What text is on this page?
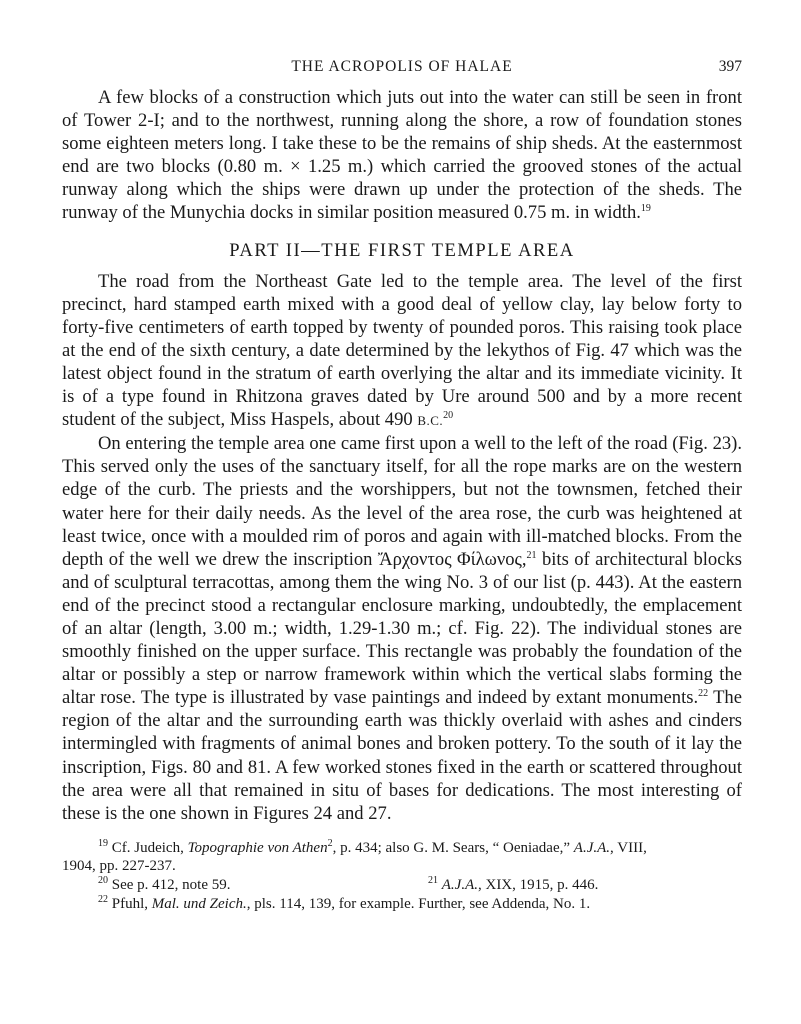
THE ACROPOLIS OF HALAE	397

A few blocks of a construction which juts out into the water can still be seen in front of Tower 2-I; and to the northwest, running along the shore, a row of foundation stones some eighteen meters long. I take these to be the remains of ship sheds. At the easternmost end are two blocks (0.80 m. × 1.25 m.) which carried the grooved stones of the actual runway along which the ships were drawn up under the protection of the sheds. The runway of the Munychia docks in similar position measured 0.75 m. in width.$^{19}$

PART II—THE FIRST TEMPLE AREA

The road from the Northeast Gate led to the temple area. The level of the first precinct, hard stamped earth mixed with a good deal of yellow clay, lay below forty to forty-five centimeters of earth topped by twenty of pounded poros. This raising took place at the end of the sixth century, a date determined by the lekythos of Fig. 47 which was the latest object found in the stratum of earth overlying the altar and its immediate vicinity. It is of a type found in Rhitzona graves dated by Ure around 500 and by a more recent student of the subject, Miss Haspels, about 490 B.C.$^{20}$

On entering the temple area one came first upon a well to the left of the road (Fig. 23). This served only the uses of the sanctuary itself, for all the rope marks are on the western edge of the curb. The priests and the worshippers, but not the townsmen, fetched their water here for their daily needs. As the level of the area rose, the curb was heightened at least twice, once with a moulded rim of poros and again with ill-matched blocks. From the depth of the well we drew the inscription Ἄρχοντος Φίλωνος,$^{21}$ bits of architectural blocks and of sculptural terracottas, among them the wing No. 3 of our list (p. 443). At the eastern end of the precinct stood a rectangular enclosure marking, undoubtedly, the emplacement of an altar (length, 3.00 m.; width, 1.29-1.30 m.; cf. Fig. 22). The individual stones are smoothly finished on the upper surface. This rectangle was probably the foundation of the altar or possibly a step or narrow framework within which the vertical slabs forming the altar rose. The type is illustrated by vase paintings and indeed by extant monuments.$^{22}$ The region of the altar and the surrounding earth was thickly overlaid with ashes and cinders intermingled with fragments of animal bones and broken pottery. To the south of it lay the inscription, Figs. 80 and 81. A few worked stones fixed in the earth or scattered throughout the area were all that remained in situ of bases for dedications. The most interesting of these is the one shown in Figures 24 and 27.

$^{19}$ Cf. Judeich, Topographie von Athen$^2$, p. 434; also G. M. Sears, “ Oeniadae,” A.J.A., VIII,

1904, pp. 227-237.

$^{20}$ See p. 412, note 59.	$^{21}$ A.J.A., XIX, 1915, p. 446.

$^{22}$ Pfuhl, Mal. und Zeich., pls. 114, 139, for example. Further, see Addenda, No. 1.
